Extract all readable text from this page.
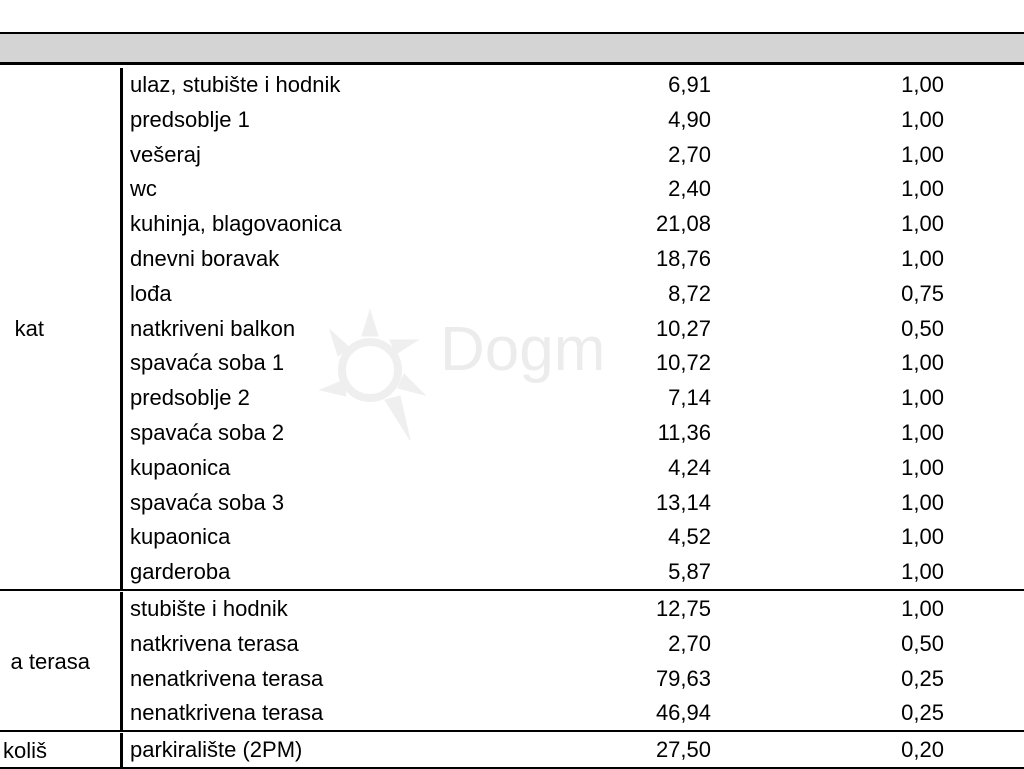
kat
ulaz, stubište i hodnik	6,91	1,00
predsoblje 1	4,90	1,00
vešeraj	2,70	1,00
wc	2,40	1,00
kuhinja, blagovaonica	21,08	1,00
dnevni boravak	18,76	1,00
lođa	8,72	0,75
natkriveni balkon	10,27	0,50
spavaća soba 1	10,72	1,00
predsoblje 2	7,14	1,00
spavaća soba 2	11,36	1,00
kupaonica	4,24	1,00
spavaća soba 3	13,14	1,00
kupaonica	4,52	1,00
garderoba	5,87	1,00
a terasa
stubište i hodnik	12,75	1,00
natkrivena terasa	2,70	0,50
nenatkrivena terasa	79,63	0,25
nenatkrivena terasa	46,94	0,25
koliš	parkiralište (2PM)	27,50	0,20
Dogm
